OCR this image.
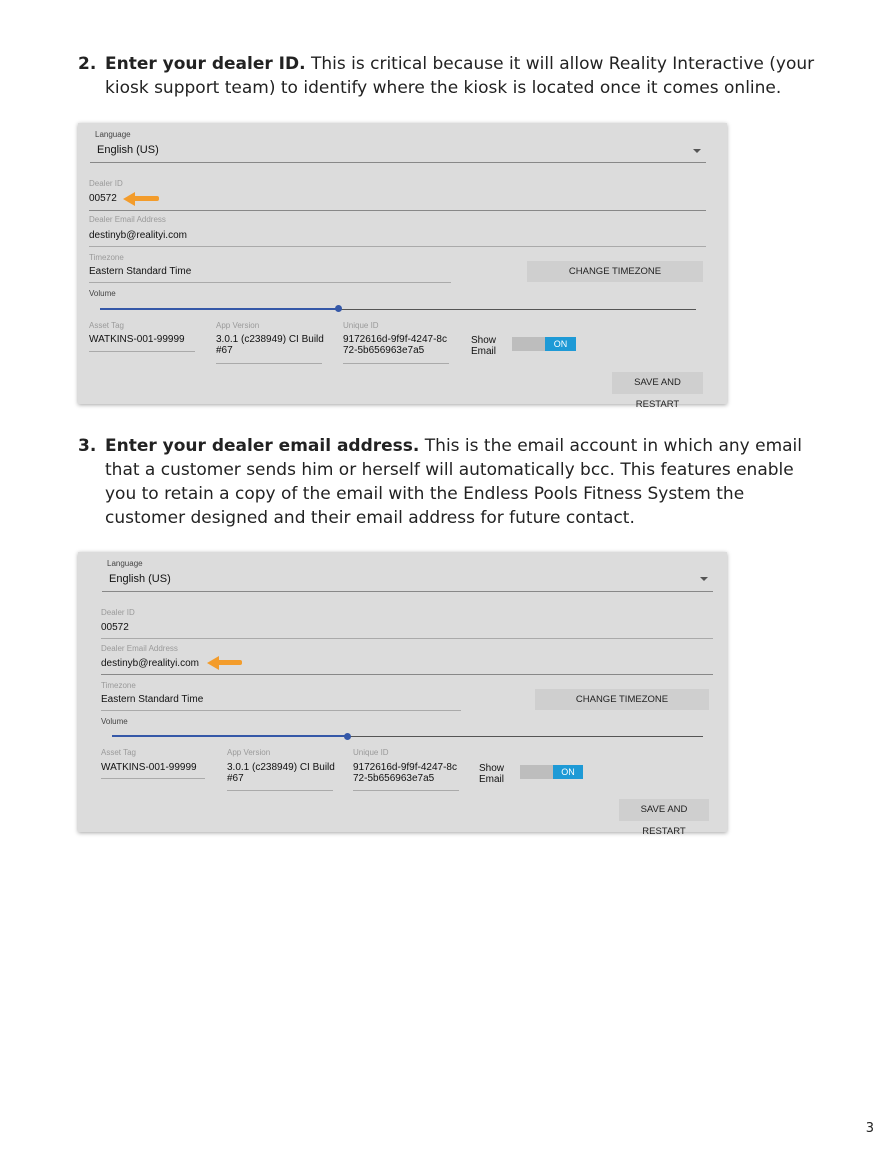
2. Enter your dealer ID. This is critical because it will allow Reality Interactive (your kiosk support team) to identify where the kiosk is located once it comes online.
Language
English (US)
Dealer ID
00572
Dealer Email Address
destinyb@realityi.com
Timezone
Eastern Standard Time	CHANGE TIMEZONE
Volume
Asset Tag
WATKINS-001-99999
App Version
3.0.1 (c238949) CI Build #67
Unique ID
9172616d-9f9f-4247-8c72-5b656963e7a5
Show Email
ON
SAVE AND RESTART
3. Enter your dealer email address. This is the email account in which any email that a customer sends him or herself will automatically bcc. This features enable you to retain a copy of the email with the Endless Pools Fitness System the customer designed and their email address for future contact.
Language
English (US)
Dealer ID
00572
Dealer Email Address
destinyb@realityi.com
Timezone
Eastern Standard Time	CHANGE TIMEZONE
Volume
Asset Tag
WATKINS-001-99999
App Version
3.0.1 (c238949) CI Build #67
Unique ID
9172616d-9f9f-4247-8c72-5b656963e7a5
Show Email
ON
SAVE AND RESTART
3
